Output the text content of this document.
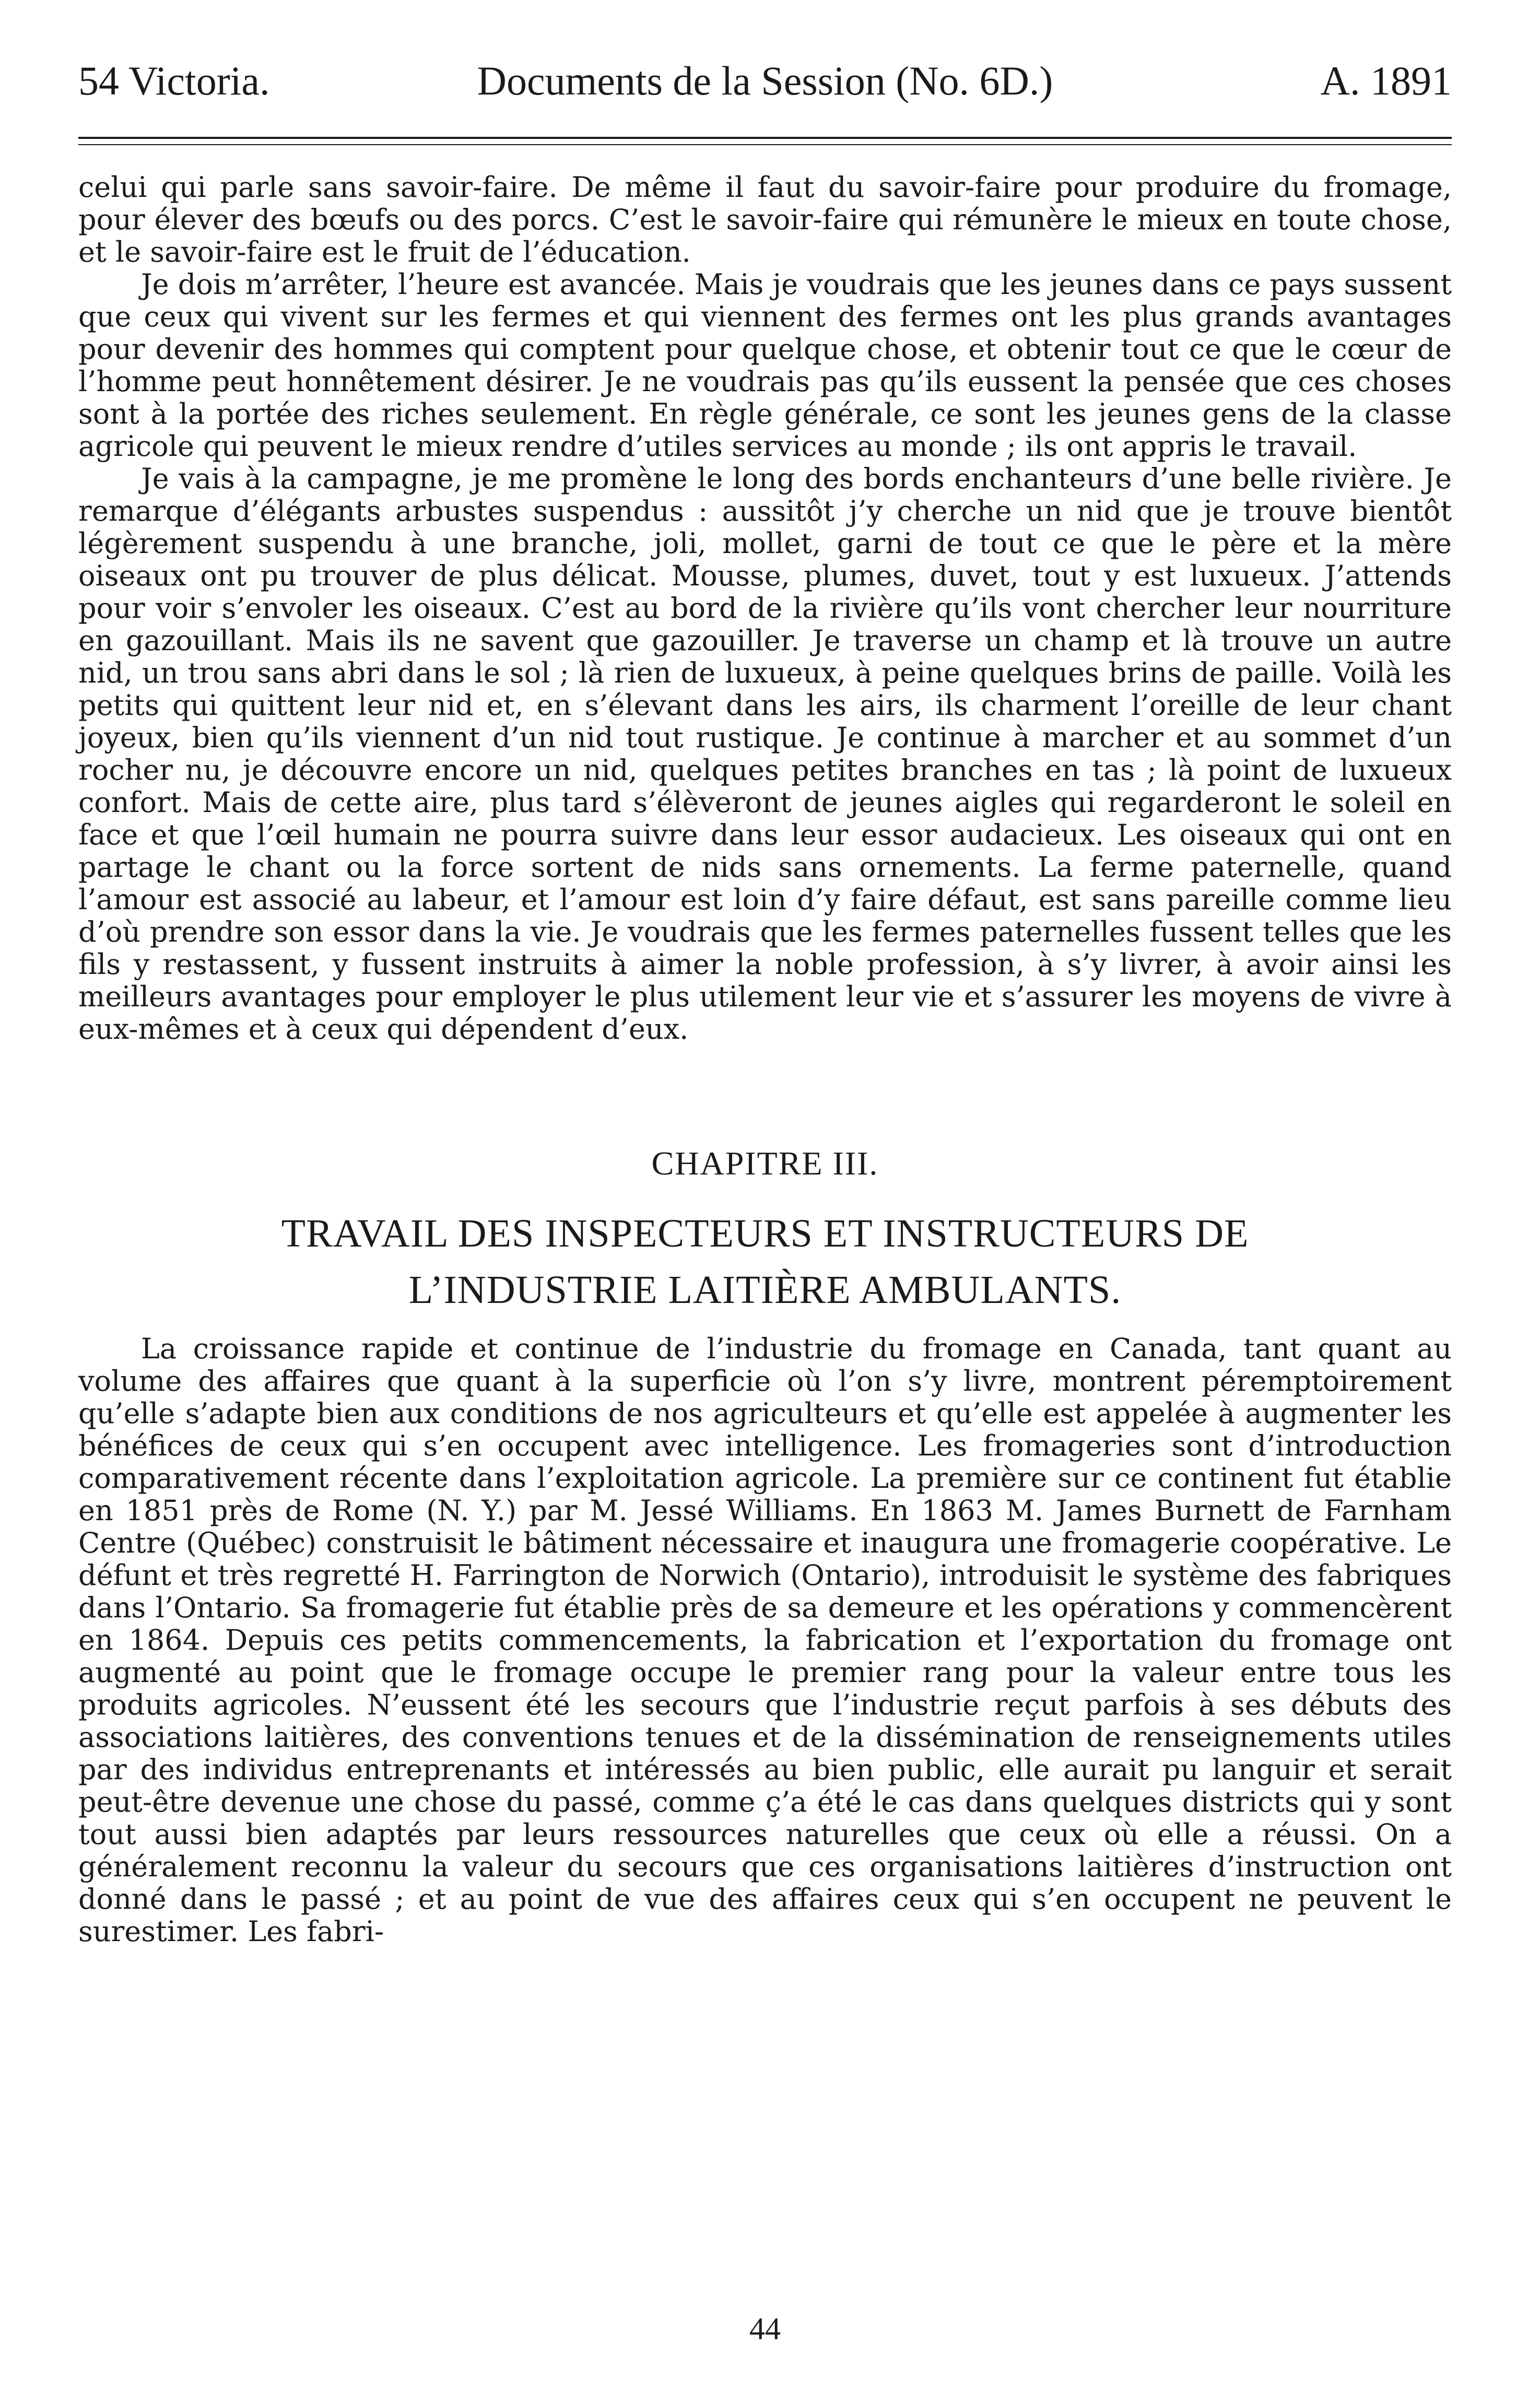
54 Victoria.	Documents de la Session (No. 6D.)	A. 1891

celui qui parle sans savoir-faire. De même il faut du savoir-faire pour produire du fromage, pour élever des bœufs ou des porcs. C’est le savoir-faire qui rémunère le mieux en toute chose, et le savoir-faire est le fruit de l’éducation.

Je dois m’arrêter, l’heure est avancée. Mais je voudrais que les jeunes dans ce pays sussent que ceux qui vivent sur les fermes et qui viennent des fermes ont les plus grands avantages pour devenir des hommes qui comptent pour quelque chose, et obtenir tout ce que le cœur de l’homme peut honnêtement désirer. Je ne voudrais pas qu’ils eussent la pensée que ces choses sont à la portée des riches seulement. En règle générale, ce sont les jeunes gens de la classe agricole qui peuvent le mieux rendre d’utiles services au monde ; ils ont appris le travail.

Je vais à la campagne, je me promène le long des bords enchanteurs d’une belle rivière. Je remarque d’élégants arbustes suspendus : aussitôt j’y cherche un nid que je trouve bientôt légèrement suspendu à une branche, joli, mollet, garni de tout ce que le père et la mère oiseaux ont pu trouver de plus délicat. Mousse, plumes, duvet, tout y est luxueux. J’attends pour voir s’envoler les oiseaux. C’est au bord de la rivière qu’ils vont chercher leur nourriture en gazouillant. Mais ils ne savent que gazouiller. Je traverse un champ et là trouve un autre nid, un trou sans abri dans le sol ; là rien de luxueux, à peine quelques brins de paille. Voilà les petits qui quittent leur nid et, en s’élevant dans les airs, ils charment l’oreille de leur chant joyeux, bien qu’ils viennent d’un nid tout rustique. Je continue à marcher et au sommet d’un rocher nu, je découvre encore un nid, quelques petites branches en tas ; là point de luxueux confort. Mais de cette aire, plus tard s’élèveront de jeunes aigles qui regarderont le soleil en face et que l’œil humain ne pourra suivre dans leur essor audacieux. Les oiseaux qui ont en partage le chant ou la force sortent de nids sans ornements. La ferme paternelle, quand l’amour est associé au labeur, et l’amour est loin d’y faire défaut, est sans pareille comme lieu d’où prendre son essor dans la vie. Je voudrais que les fermes paternelles fussent telles que les fils y restassent, y fussent instruits à aimer la noble profession, à s’y livrer, à avoir ainsi les meilleurs avantages pour employer le plus utilement leur vie et s’assurer les moyens de vivre à eux-mêmes et à ceux qui dépendent d’eux.

CHAPITRE III.
TRAVAIL DES INSPECTEURS ET INSTRUCTEURS DE
L’INDUSTRIE LAITIÈRE AMBULANTS.

La croissance rapide et continue de l’industrie du fromage en Canada, tant quant au volume des affaires que quant à la superficie où l’on s’y livre, montrent péremptoirement qu’elle s’adapte bien aux conditions de nos agriculteurs et qu’elle est appelée à augmenter les bénéfices de ceux qui s’en occupent avec intelligence. Les fromageries sont d’introduction comparativement récente dans l’exploitation agricole. La première sur ce continent fut établie en 1851 près de Rome (N. Y.) par M. Jessé Williams. En 1863 M. James Burnett de Farnham Centre (Québec) construisit le bâtiment nécessaire et inaugura une fromagerie coopérative. Le défunt et très regretté H. Farrington de Norwich (Ontario), introduisit le système des fabriques dans l’Ontario. Sa fromagerie fut établie près de sa demeure et les opérations y commencèrent en 1864. Depuis ces petits commencements, la fabrication et l’exportation du fromage ont augmenté au point que le fromage occupe le premier rang pour la valeur entre tous les produits agricoles. N’eussent été les secours que l’industrie reçut parfois à ses débuts des associations laitières, des conventions tenues et de la dissémination de renseignements utiles par des individus entreprenants et intéressés au bien public, elle aurait pu languir et serait peut-être devenue une chose du passé, comme ç’a été le cas dans quelques districts qui y sont tout aussi bien adaptés par leurs ressources naturelles que ceux où elle a réussi. On a généralement reconnu la valeur du secours que ces organisations laitières d’instruction ont donné dans le passé ; et au point de vue des affaires ceux qui s’en occupent ne peuvent le surestimer. Les fabri-

44
